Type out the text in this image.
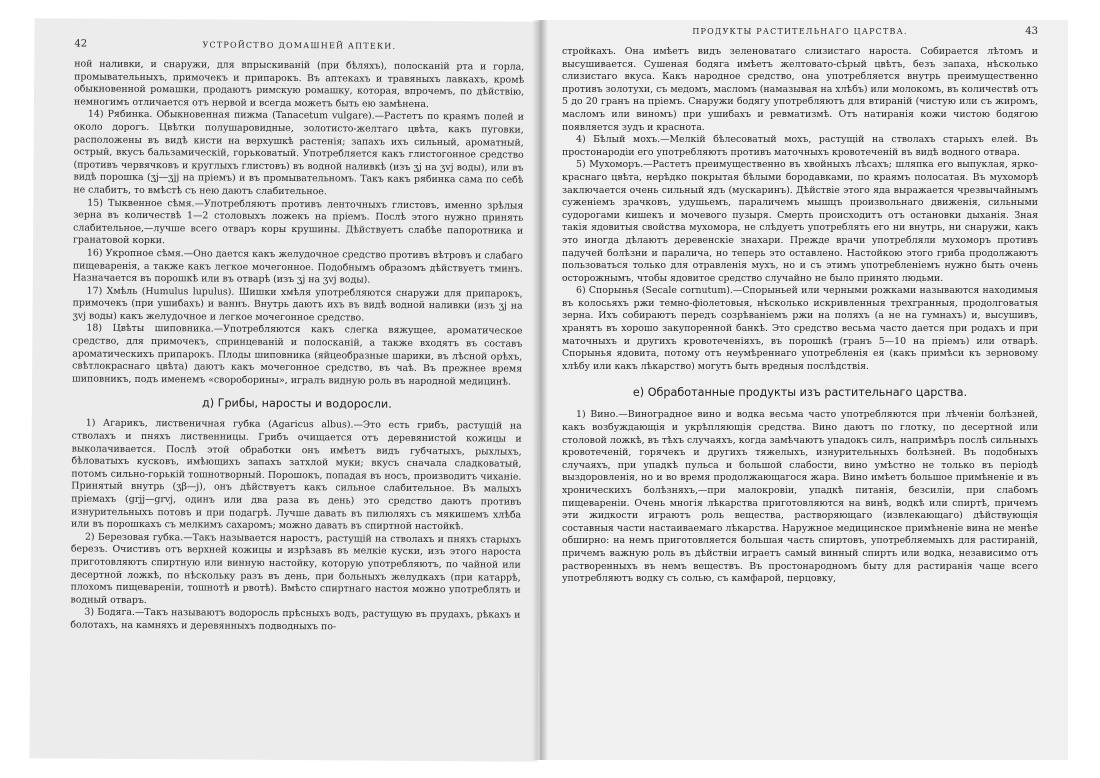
42	УСТРОЙСТВО ДОМАШНЕЙ АПТЕКИ.

ной наливки, и снаружи, для впрыскиваній (при бѣляхъ), полосканій рта и горла, промывательныхъ, примочекъ и припарокъ. Въ аптекахъ и травяныхъ лавкахъ, кромѣ обыкновенной ромашки, продаютъ римскую ромашку, которая, впрочемъ, по дѣйствію, немногимъ отличается отъ нервой и всегда можетъ быть ею замѣнена.

14) Рябинка. Обыкновенная пижма (Tanacetum vulgare).—Растетъ по краямъ полей и около дорогъ. Цвѣтки полушаровидные, золотисто-желтаго цвѣта, какъ пуговки, расположены въ видѣ кисти на верхушкѣ растенія; запахъ ихъ сильный, ароматный, острый, вкусъ бальзамическій, горьковатый. Употребляется какъ глистогонное средство (противъ червячковъ и круглыхъ глистовъ) въ водной наливкѣ (изъ ʒj на ʒvj воды), или въ видѣ порошка (ʒj—ʒjj на пріемъ) и въ промывательномъ. Такъ какъ рябинка сама по себѣ не слабитъ, то вмѣстѣ съ нею даютъ слабительное.

15) Тыквенное сѣмя.—Употребляютъ противъ ленточныхъ глистовъ, именно зрѣлыя зерна въ количествѣ 1—2 столовыхъ ложекъ на пріемъ. Послѣ этого нужно принять слабительное,—лучше всего отваръ коры крушины. Дѣйствуетъ слабѣе папоротника и гранатовой корки.

16) Укропное сѣмя.—Оно дается какъ желудочное средство противъ вѣтровъ и слабаго пищеваренія, а также какъ легкое мочегонное. Подобнымъ образомъ дѣйствуетъ тминъ. Назначается въ порошкѣ или въ отварѣ (изъ ʒj на ʒvj воды).

17) Хмѣль (Humulus lupulus). Шишки хмѣля употребляются снаружи для припарокъ, примочекъ (при ушибахъ) и ваннъ. Внутрь даютъ ихъ въ видѣ водной наливки (изъ ʒj на ʒvj воды) какъ желудочное и легкое мочегонное средство.

18) Цвѣты шиповника.—Употребляются какъ слегка вяжущее, ароматическое средство, для примочекъ, спринцеваній и полосканій, а также входятъ въ составъ ароматическихъ припарокъ. Плоды шиповника (яйцеобразные шарики, въ лѣсной орѣхъ, свѣтлокраснаго цвѣта) даютъ какъ мочегонное средство, въ чаѣ. Въ прежнее время шиповникъ, подъ именемъ «свороборины», игралъ видную роль въ народной медицинѣ.

д) Грибы, нароcты и водоросли.

1) Агарикъ, лиственичная губка (Agaricus albus).—Это есть грибъ, растущій на стволахъ и пняхъ лиственницы. Грибъ очищается отъ деревянистой кожицы и выколачивается. Послѣ этой обработки онъ имѣетъ видъ губчатыхъ, рыхлыхъ, бѣловатыхъ кусковъ, имѣющихъ запахъ затхлой муки; вкусъ сначала сладковатый, потомъ сильно-горькій тошнотворный. Порошокъ, попадая въ носъ, производитъ чиханіе. Принятый внутрь (ʒβ—j), онъ дѣйствуетъ какъ сильное слабительное. Въ малыхъ пріемахъ (grjj—grvj, одинъ или два раза въ день) это средство даютъ противъ изнурительныхъ потовъ и при подагрѣ. Лучше давать въ пилюляхъ съ мякишемъ хлѣба или въ порошкахъ съ мелкимъ сахаромъ; можно давать въ спиртной настойкѣ.

2) Березовая губка.—Такъ называется наростъ, растущій на стволахъ и пняхъ старыхъ березъ. Очистивъ отъ верхней кожицы и изрѣзавъ въ мелкіе куски, изъ этого нароста приготовляютъ спиртную или винную настойку, которую употребляютъ, по чайной или десертной ложкѣ, по нѣскольку разъ въ день, при больныхъ желудкахъ (при катаррѣ, плохомъ пищевареніи, тошнотѣ и рвотѣ). Вмѣсто спиртнаго настоя можно употреблять и водный отваръ.

3) Бодяга.—Такъ называютъ водоросль прѣсныхъ водъ, растущую въ прудахъ, рѣкахъ и болотахъ, на камняхъ и деревянныхъ подводныхъ по-

ПРОДУКТЫ РАСТИТЕЛЬНАГО ЦАРСТВА.	43

стройкахъ. Она имѣетъ видъ зеленоватаго слизистаго нароста. Собирается лѣтомъ и высушивается. Сушеная бодяга имѣетъ желтовато-сѣрый цвѣтъ, безъ запаха, нѣсколько слизистаго вкуса. Какъ народное средство, она употребляется внутрь преимущественно противъ золотухи, съ медомъ, масломъ (намазывая на хлѣбъ) или молокомъ, въ количествѣ отъ 5 до 20 гранъ на пріемъ. Снаружи бодягу употребляютъ для втираній (чистую или съ жиромъ, масломъ или виномъ) при ушибахъ и ревматизмѣ. Отъ натиранія кожи чистою бодягою появляется зудъ и краснота.

4) Бѣлый мохъ.—Мелкій бѣлесоватый мохъ, растущій на стволахъ старыхъ елей. Въ простонародіи его употребляютъ противъ маточныхъ кровотеченій въ видѣ водного отвара.

5) Мухоморъ.—Растетъ преимущественно въ хвойныхъ лѣсахъ; шляпка его выпуклая, ярко-краснаго цвѣта, нерѣдко покрытая бѣлыми бородавками, по краямъ полосатая. Въ мухоморѣ заключается очень сильный ядъ (мускаринъ). Дѣйствіе этого яда выражается чрезвычайнымъ суженіемъ зрачковъ, удушьемъ, параличемъ мышцъ произвольнаго движенія, сильными судорогами кишекъ и мочевого пузыря. Смерть происходитъ отъ остановки дыханія. Зная такія ядовитыя свойства мухомора, не слѣдуетъ употреблять его ни внутрь, ни снаружи, какъ это иногда дѣлаютъ деревенскіе знахари. Прежде врачи употребляли мухоморъ противъ падучей болѣзни и паралича, но теперь это оставлено. Настойкою этого гриба продолжаютъ пользоваться только для отравленія мухъ, но и съ этимъ употребленіемъ нужно быть очень осторожнымъ, чтобы ядовитое средство случайно не было принято людьми.

6) Спорынья (Secale cornutum).—Спорыньей или черными рожками называются находимыя въ колосьяхъ ржи темно-фіолетовыя, нѣсколько искривленныя трехгранныя, продолговатыя зерна. Ихъ собираютъ передъ созрѣваніемъ ржи на поляхъ (а не на гумнахъ) и, высушивъ, хранятъ въ хорошо закупоренной банкѣ. Это средство весьма часто дается при родахъ и при маточныхъ и другихъ кровотеченіяхъ, въ порошкѣ (гранъ 5—10 на пріемъ) или отварѣ. Спорынья ядовита, потому отъ неумѣреннаго употребленія ея (какъ примѣси къ зерновому хлѣбу или какъ лѣкарство) могутъ быть вредныя послѣдствія.

е) Обработанные продукты изъ растительнаго царства.

1) Вино.—Виноградное вино и водка весьма часто употребляются при лѣченіи болѣзней, какъ возбуждающія и укрѣпляющія средства. Вино даютъ по глотку, по десертной или столовой ложкѣ, въ тѣхъ случаяхъ, когда замѣчаютъ упадокъ силъ, напримѣръ послѣ сильныхъ кровотеченій, горячекъ и другихъ тяжелыхъ, изнурительныхъ болѣзней. Въ подобныхъ случаяхъ, при упадкѣ пульса и большой слабости, вино умѣстно не только въ періодѣ выздоровленія, но и во время продолжающагося жара. Вино имѣетъ большое примѣненіе и въ хроническихъ болѣзняхъ,—при малокровіи, упадкѣ питанія, безсиліи, при слабомъ пищевареніи. Очень многія лѣкарства приготовляются на винѣ, водкѣ или спиртѣ, причемъ эти жидкости играютъ роль вещества, растворяющаго (извлекающаго) дѣйствующія составныя части настаиваемаго лѣкарства. Наружное медицинское примѣненіе вина не менѣе обширно: на немъ приготовляется большая часть спиртовъ, употребляемыхъ для растираній, причемъ важную роль въ дѣйствіи играетъ самый винный спиртъ или водка, независимо отъ растворенныхъ въ немъ веществъ. Въ простонародномъ быту для растиранія чаще всего употребляютъ водку съ солью, съ камфарой, перцовку,
